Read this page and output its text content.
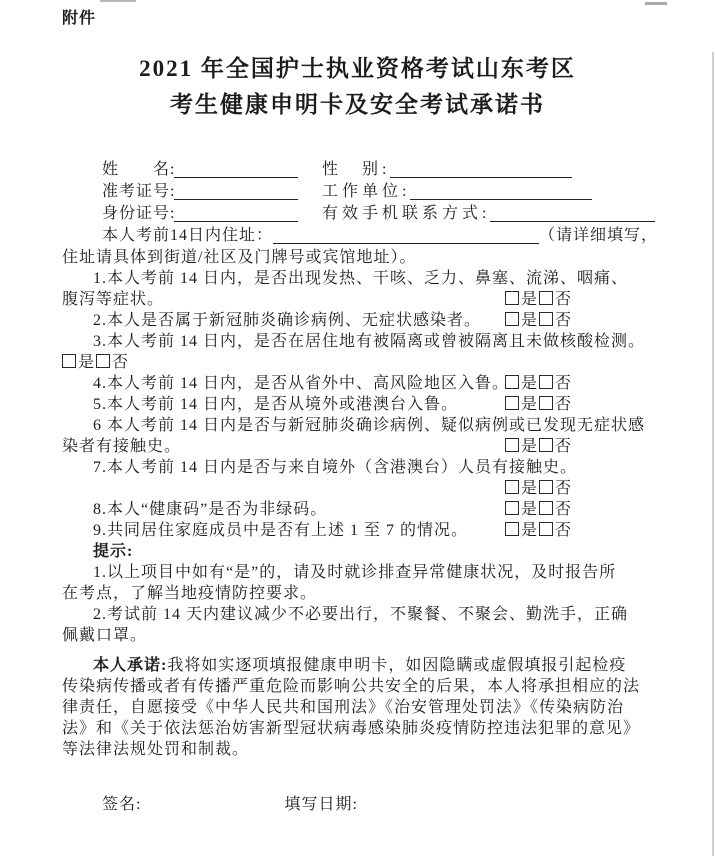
附件
2021 年全国护士执业资格考试山东考区
考生健康申明卡及安全考试承诺书
姓　　名:	性　别:
准考证号:	工作单位:
身份证号:	有效手机联系方式:
本人考前14日内住址：	（请详细填写，
住址请具体到街道/社区及门牌号或宾馆地址）。
1.本人考前 14 日内，是否出现发热、干咳、乏力、鼻塞、流涕、咽痛、
腹泻等症状。	是 否
2.本人是否属于新冠肺炎确诊病例、无症状感染者。	是 否
3.本人考前 14 日内，是否在居住地有被隔离或曾被隔离且未做核酸检测。
是 否
4.本人考前 14 日内，是否从省外中、高风险地区入鲁。 是 否
5.本人考前 14 日内，是否从境外或港澳台入鲁。	是 否
6 本人考前 14 日内是否与新冠肺炎确诊病例、疑似病例或已发现无症状感
染者有接触史。	是 否
7.本人考前 14 日内是否与来自境外（含港澳台）人员有接触史。
是 否
8.本人“健康码”是否为非绿码。	是 否
9.共同居住家庭成员中是否有上述 1 至 7 的情况。	是 否
提示:
1.以上项目中如有“是”的，请及时就诊排查异常健康状况，及时报告所
在考点，了解当地疫情防控要求。
2.考试前 14 天内建议减少不必要出行，不聚餐、不聚会、勤洗手，正确
佩戴口罩。
本人承诺:我将如实逐项填报健康申明卡，如因隐瞒或虚假填报引起检疫
传染病传播或者有传播严重危险而影响公共安全的后果，本人将承担相应的法
律责任，自愿接受《中华人民共和国刑法》《治安管理处罚法》《传染病防治
法》和《关于依法惩治妨害新型冠状病毒感染肺炎疫情防控违法犯罪的意见》
等法律法规处罚和制裁。
签名:	填写日期:
